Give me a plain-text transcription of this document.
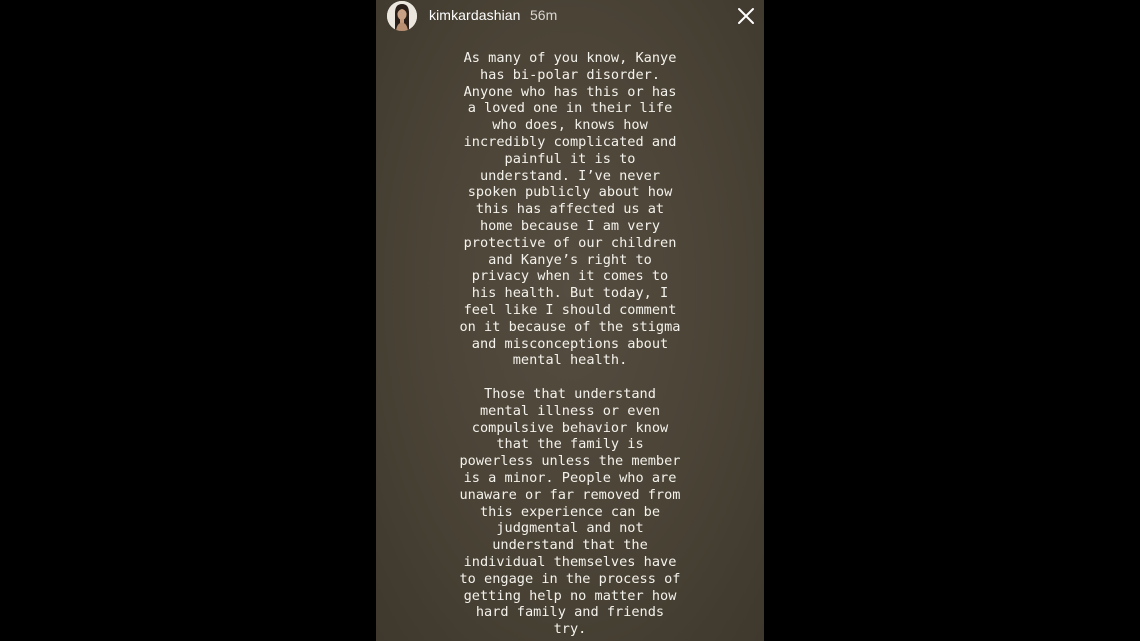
kimkardashian 56m
As many of you know, Kanye
has bi-polar disorder.
Anyone who has this or has
a loved one in their life
who does, knows how
incredibly complicated and
painful it is to
understand. I’ve never
spoken publicly about how
this has affected us at
home because I am very
protective of our children
and Kanye’s right to
privacy when it comes to
his health. But today, I
feel like I should comment
on it because of the stigma
and misconceptions about
mental health.
Those that understand
mental illness or even
compulsive behavior know
that the family is
powerless unless the member
is a minor. People who are
unaware or far removed from
this experience can be
judgmental and not
understand that the
individual themselves have
to engage in the process of
getting help no matter how
hard family and friends
try.
